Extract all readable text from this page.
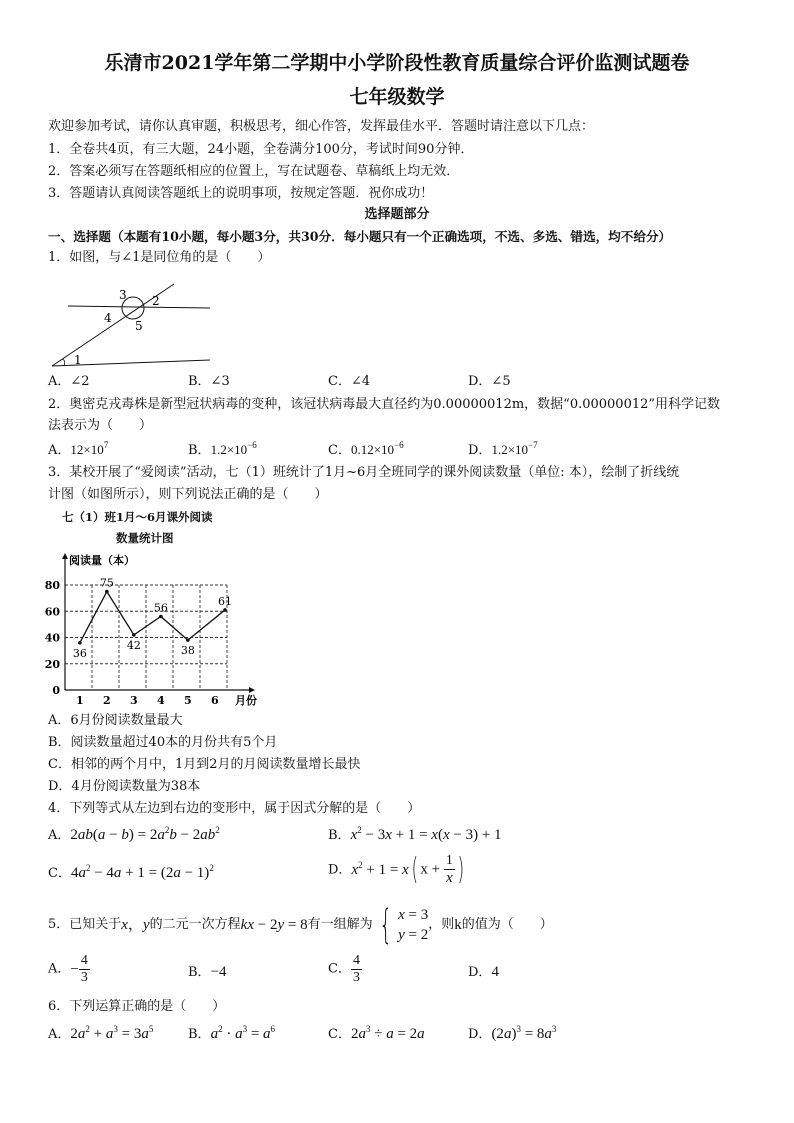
乐清市2021学年第二学期中小学阶段性教育质量综合评价监测试题卷
七年级数学
欢迎参加考试，请你认真审题，积极思考，细心作答，发挥最佳水平．答题时请注意以下几点：
1．全卷共4页，有三大题，24小题，全卷满分100分，考试时间90分钟．
2．答案必须写在答题纸相应的位置上，写在试题卷、草稿纸上均无效．
3．答题请认真阅读答题纸上的说明事项，按规定答题．祝你成功！
选择题部分
一、选择题（本题有10小题，每小题3分，共30分．每小题只有一个正确选项，不选、多选、错选，均不给分）
1．如图，与∠1是同位角的是（　　）
1
2
3
4
5
A．∠2	B．∠3	C．∠4	D．∠5
2．奥密克戎毒株是新型冠状病毒的变种，该冠状病毒最大直径约为0.00000012m，数据“0.00000012”用科学记数
法表示为（　　）
A．$12\times 10^7$	B．$1.2\times 10^{-6}$	C．$0.12\times 10^{-6}$	D．$1.2\times 10^{-7}$
3．某校开展了“爱阅读”活动，七（1）班统计了1月~6月全班同学的课外阅读数量（单位: 本），绘制了折线统
计图（如图所示），则下列说法正确的是（　　）
七（1）班1月～6月课外阅读
数量统计图
0
20
40
60
80
1 2 3 4 5 6
阅读量（本）
月份
36
75
42
56
38
61
A．6月份阅读数量最大
B．阅读数量超过40本的月份共有5个月
C．相邻的两个月中，1月到2月的月阅读数量增长最快
D．4月份阅读数量为38本
4．下列等式从左边到右边的变形中，属于因式分解的是（　　）
A．$2ab(a - b) = 2a^2b - 2ab^2$	B．$x^2 - 3x + 1 = x(x - 3) + 1$
C．$4a^2 - 4a + 1 = (2a - 1)^2$	D．$x^2 + 1 = x$( $x + \frac{1}{x}$ )
5．已知关于x，y的二元一次方程kx − 2y = 8有一组解为 { x = 3
y = 2
，则k的值为（　　）
A．− $\frac{4}{3}$	B．−4	C． $\frac{4}{3}$	D．4
6．下列运算正确的是（　　）
A．$2a^2 + a^3 = 3a^5$	B．$a^2 \cdot a^3 = a^6$	C．$2a^3 \div a = 2a$	D．$(2a)^3 = 8a^3$
